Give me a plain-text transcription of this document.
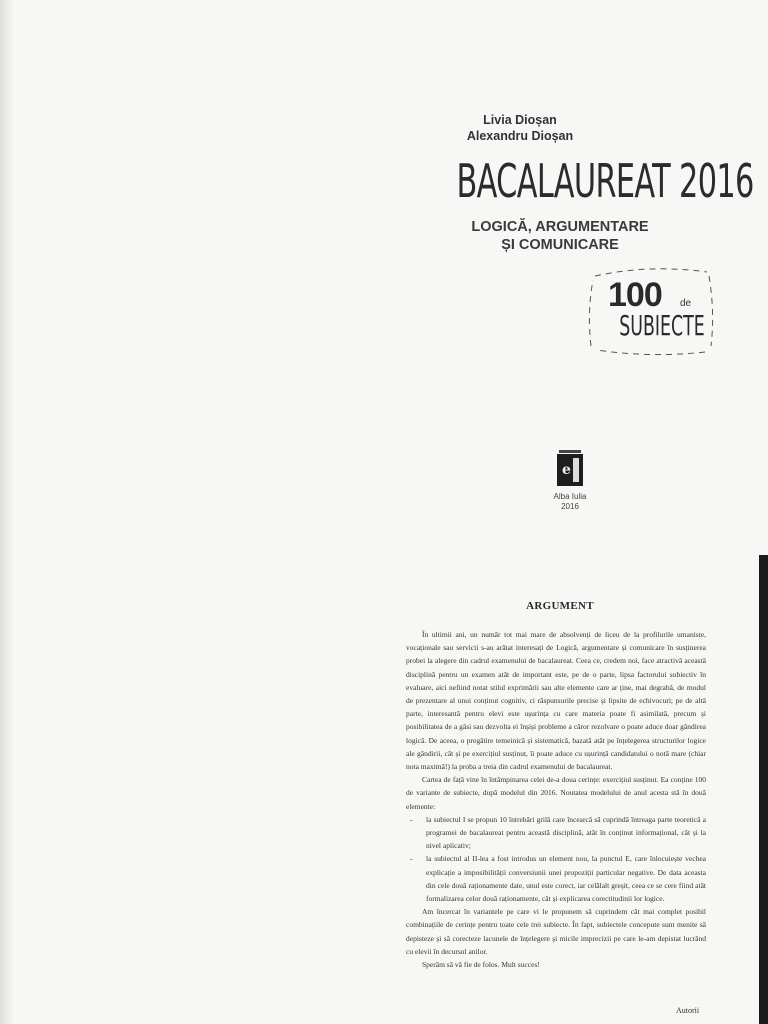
Livia Dioșan
Alexandru Dioșan
BACALAUREAT 2016
LOGICĂ, ARGUMENTARE
ȘI COMUNICARE
100 de
SUBIECTE
e
Alba Iulia
2016
ARGUMENT

În ultimii ani, un număr tot mai mare de absolvenți de liceu de la profilurile umaniste, vocaționale sau servicii s-au arătat interesați de Logică, argumentare și comunicare în susținerea probei la alegere din cadrul examenului de bacalaureat. Ceea ce, credem noi, face atractivă această disciplină pentru un examen atât de important este, pe de o parte, lipsa factorului subiectiv în evaluare, aici nefiind notat stilul exprimării sau alte elemente care ar ține, mai degrabă, de modul de prezentare al unui conținut cognitiv, ci răspunsurile precise și lipsite de echivocuri; pe de altă parte, interesantă pentru elevi este ușurința cu care materia poate fi asimilată, precum și posibilitatea de a găsi sau dezvolta ei înșiși probleme a căror rezolvare o poate aduce doar gândirea logică. De aceea, o pregătire temeinică și sistematică, bazată atât pe înțelegerea structurilor logice ale gândirii, cât și pe exercițiul susținut, îi poate aduce cu ușurință candidatului o notă mare (chiar nota maximă!) la proba a treia din cadrul examenului de bacalaureat.

Cartea de față vine în întâmpinarea celei de-a doua cerințe: exercițiul susținut. Ea conține 100 de variante de subiecte, după modelul din 2016. Noutatea modelului de anul acesta stă în două elemente:

- la subiectul I se propun 10 întrebări grilă care încearcă să cuprindă întreaga parte teoretică a programei de bacalaureat pentru această disciplină, atât în conținut informațional, cât și la nivel aplicativ;
- la subiectul al II-lea a fost introdus un element nou, la punctul E, care înlocuiește vechea explicație a imposibilității conversiunii unei propoziții particular negative. De data aceasta din cele două raționamente date, unul este corect, iar celălalt greșit, ceea ce se cere fiind atât formalizarea celor două raționamente, cât și explicarea corectitudinii lor logice.

Am încercat în variantele pe care vi le propunem să cuprindem cât mai complet posibil combinațiile de cerințe pentru toate cele trei subiecte. În fapt, subiectele concepute sunt menite să depisteze și să corecteze lacunele de înțelegere și micile imprecizii pe care le-am depistat lucrând cu elevii în decursul anilor.

Sperăm să vă fie de folos. Mult succes!

Autorii
